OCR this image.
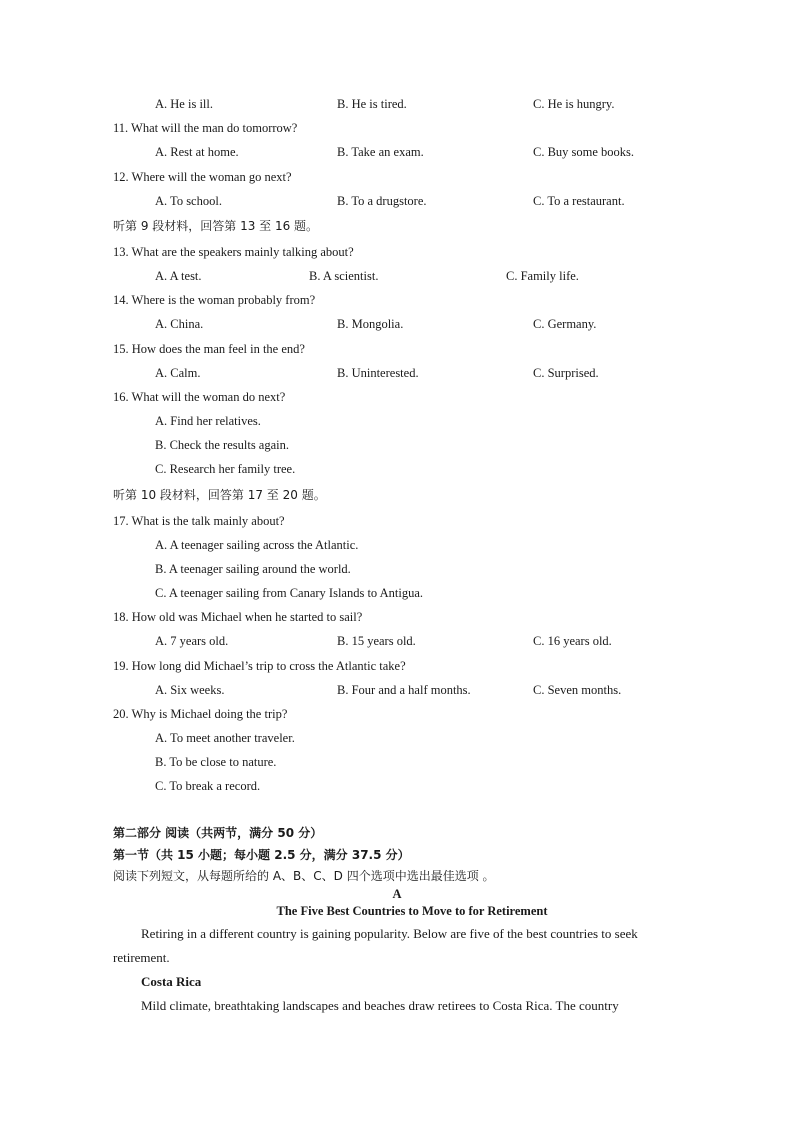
A. He is ill.	B. He is tired.	C. He is hungry.
11. What will the man do tomorrow?
A. Rest at home.	B. Take an exam.	C. Buy some books.
12. Where will the woman go next?
A. To school.	B. To a drugstore.	C. To a restaurant.
听第 9 段材料，回答第 13 至 16 题。
13. What are the speakers mainly talking about?
A. A test.	B. A scientist.	C. Family life.
14. Where is the woman probably from?
A. China.	B. Mongolia.	C. Germany.
15. How does the man feel in the end?
A. Calm.	B. Uninterested.	C. Surprised.
16. What will the woman do next?
A. Find her relatives.
B. Check the results again.
C. Research her family tree.
听第 10 段材料，回答第 17 至 20 题。
17. What is the talk mainly about?
A. A teenager sailing across the Atlantic.
B. A teenager sailing around the world.
C. A teenager sailing from Canary Islands to Antigua.
18. How old was Michael when he started to sail?
A. 7 years old.	B. 15 years old.	C. 16 years old.
19. How long did Michael’s trip to cross the Atlantic take?
A. Six weeks.	B. Four and a half months.	C. Seven months.
20. Why is Michael doing the trip?
A. To meet another traveler.
B. To be close to nature.
C. To break a record.
第二部分 阅读（共两节，满分 50 分）
第一节（共 15 小题；每小题 2.5 分，满分 37.5 分）
阅读下列短文，从每题所给的 A、B、C、D 四个选项中选出最佳选项 。
A
The Five Best Countries to Move to for Retirement
Retiring in a different country is gaining popularity. Below are five of the best countries to seek
retirement.
Costa Rica
Mild climate, breathtaking landscapes and beaches draw retirees to Costa Rica. The country
